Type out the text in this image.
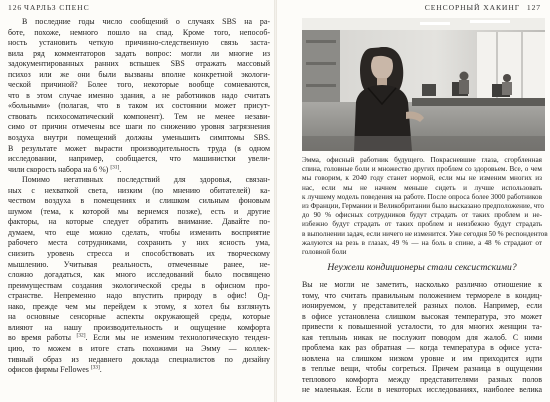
126 ЧАРЛЬЗ СПЕНС
В последние годы число сообщений о случаях SBS на ра-
боте, похоже, немного пошло на спад. Кроме того, непособ-
ность установить четкую причинно-следственную связь заста-
вила ряд комментаторов задать вопрос: могли ли многие из
задокументированных ранних вспышек SBS отражать массовый
психоз или же они были вызваны вполне конкретной экологи-
ческой причиной? Более того, некоторые вообще сомневаются,
что в этом случае именно здания, а не работников надо считать
«больными» (полагая, что в таком их состоянии может присут-
ствовать психосоматический компонент). Тем не менее незави-
симо от причин отмечены все шаги по снижению уровня загрязнения
воздуха внутри помещений должны уменьшить симптомы SBS.
В результате может вырасти производительность труда (в одном
исследовании, например, сообщается, что машинистки увели-
чили скорость набора на 6 %) [31].
Помимо негативных последствий для здоровья, связан-
ных с нехваткой света, низким (по мнению обитателей) ка-
чеством воздуха в помещениях и слишком сильным фоновым
шумом (тема, к которой мы вернемся позже), есть и другие
факторы, на которые следует обратить внимание. Давайте по-
думаем, что еще можно сделать, чтобы изменить восприятие
рабочего места сотрудниками, сохранить у них ясность ума,
снизить уровень стресса и способствовать их творческому
мышлению. Учитывая реальность, отмеченные ранее, не-
сложно догадаться, как много исследований было посвящено
преимуществам создания экологической среды в офисном про-
странстве. Непременно надо впустить природу в офис! Од-
нако, прежде чем мы перейдем к этому, я хотел бы взглянуть
на основные сенсорные аспекты окружающей среды, которые
влияют на нашу производительность и ощущение комфорта
во время работы [32]. Если мы не изменим технологическую тенден-
цию, то можем в итоге стать похожими на Эмму — коллек-
тивный образ из недавнего доклада специалистов по дизайну
офисов фирмы Fellowes [33].
СЕНСОРНЫЙ ХАКИНГ 127
Эмма, офисный работник будущего. Покрасневшие глаза, сгорбленная
спина, головные боли и множество других проблем со здоровьем. Все, о чем
мы говорим, к 2040 году станет нормой, если мы не изменим многих из
нас, если мы не начнем меньше сидеть и лучше использовать
к лучшему модель поведения на работе. После опроса более 3000 работников
из Франции, Германии и Великобритании было высказано предположение, что
до 90 % офисных сотрудников будут страдать от таких проблем и не-
избежно будут страдать от таких проблем и неизбежно будут страдать
в выполнении задач, если ничего не изменится. Уже сегодня 50 % респондентов
жалуются на резь в глазах, 49 % — на боль в спине, а 48 % страдают от
головной боли
Неужели кондиционеры стали сексистскими?
Вы не могли не заметить, насколько различно отношение к
тому, что считать правильным положением термореле в кондиц-
ионируемом, у представителей разных полов. Например, если
в офисе установлена слишком высокая температура, это может
привести к повышенной усталости, то для многих женщин та-
кая теплынь никак не послужит поводом для жалоб. С ними
проблема как раз обратная — когда температура в офисе уста-
новлена на слишком низком уровне и им приходится идти
в теплые вещи, чтобы согреться. Причем разница в ощущении
теплового комфорта между представителями разных полов
не маленькая. Если в некоторых исследованиях, наиболее велика
